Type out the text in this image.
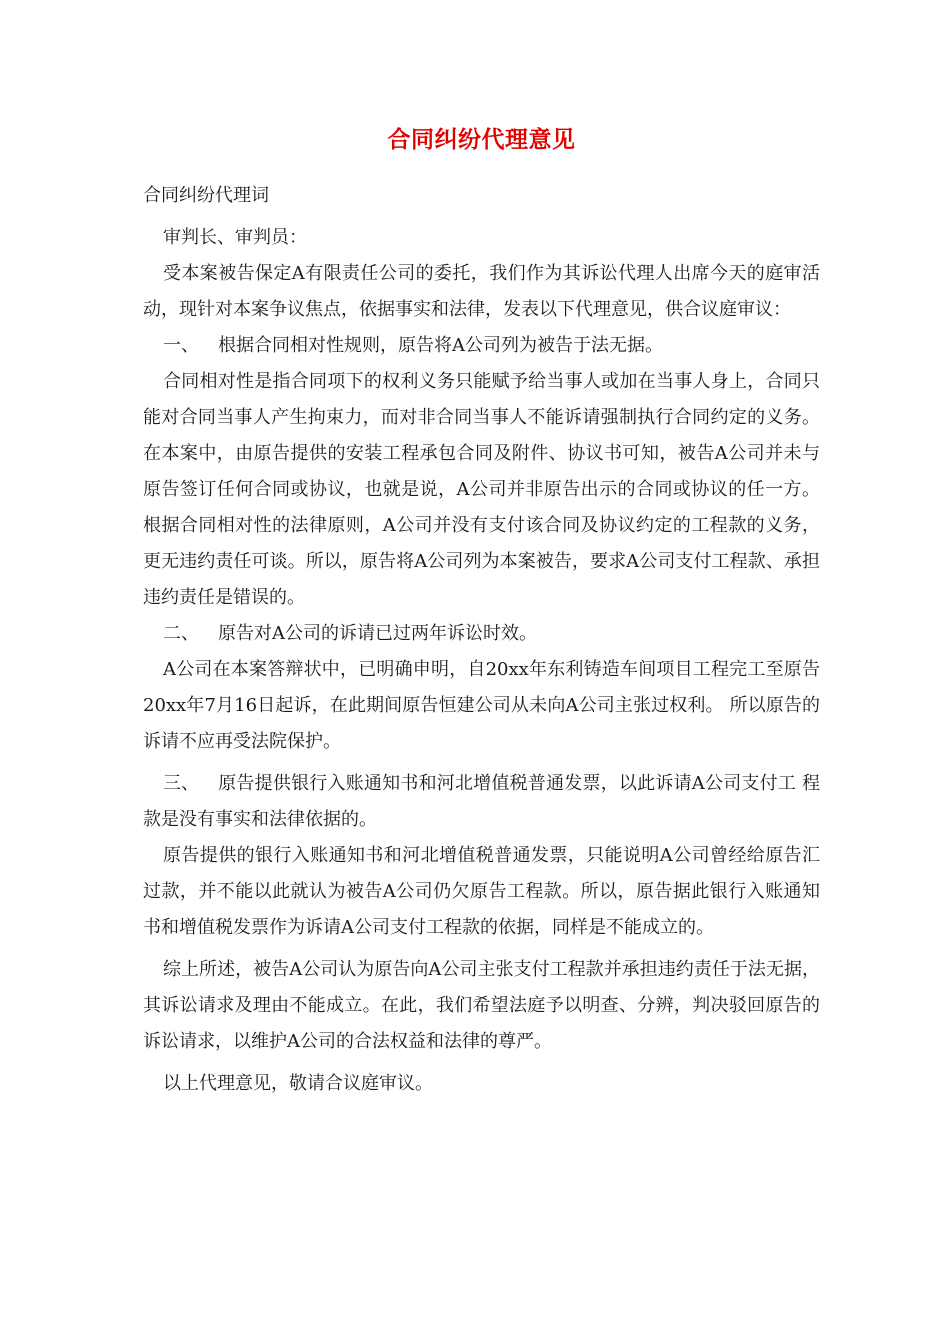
合同纠纷代理意见

合同纠纷代理词

审判长、审判员：

受本案被告保定A有限责任公司的委托，我们作为其诉讼代理人出席今天的庭审活动，现针对本案争议焦点，依据事实和法律，发表以下代理意见，供合议庭审议：

一、 根据合同相对性规则，原告将A公司列为被告于法无据。

合同相对性是指合同项下的权利义务只能赋予给当事人或加在当事人身上，合同只能对合同当事人产生拘束力，而对非合同当事人不能诉请强制执行合同约定的义务。在本案中，由原告提供的安装工程承包合同及附件、协议书可知，被告A公司并未与原告签订任何合同或协议，也就是说，A公司并非原告出示的合同或协议的任一方。根据合同相对性的法律原则，A公司并没有支付该合同及协议约定的工程款的义务，更无违约责任可谈。所以，原告将A公司列为本案被告，要求A公司支付工程款、承担违约责任是错误的。

二、 原告对A公司的诉请已过两年诉讼时效。

A公司在本案答辩状中，已明确申明，自20xx年东利铸造车间项目工程完工至原告20xx年7月16日起诉，在此期间原告恒建公司从未向A公司主张过权利。 所以原告的诉请不应再受法院保护。

三、 原告提供银行入账通知书和河北增值税普通发票，以此诉请A公司支付工 程款是没有事实和法律依据的。

原告提供的银行入账通知书和河北增值税普通发票，只能说明A公司曾经给原告汇过款，并不能以此就认为被告A公司仍欠原告工程款。所以，原告据此银行入账通知书和增值税发票作为诉请A公司支付工程款的依据，同样是不能成立的。

综上所述，被告A公司认为原告向A公司主张支付工程款并承担违约责任于法无据，其诉讼请求及理由不能成立。在此，我们希望法庭予以明查、分辨，判决驳回原告的诉讼请求，以维护A公司的合法权益和法律的尊严。

以上代理意见，敬请合议庭审议。
